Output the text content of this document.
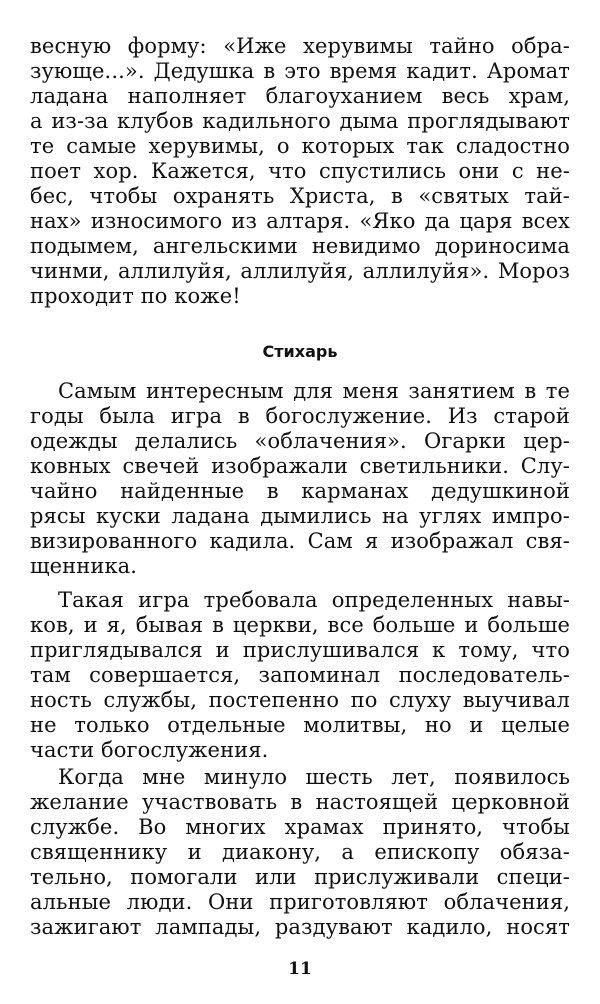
весную форму: «Иже херувимы тайно обра-
зующе...». Дедушка в это время кадит. Аромат
ладана наполняет благоуханием весь храм,
а из-за клубов кадильного дыма проглядывают
те самые херувимы, о которых так сладостно
поет хор. Кажется, что спустились они с не-
бес, чтобы охранять Христа, в «святых тай-
нах» износимого из алтаря. «Яко да царя всех
подымем, ангельскими невидимо дориносима
чинми, аллилуйя, аллилуйя, аллилуйя». Мороз
проходит по коже!
Стихарь
Самым интересным для меня занятием в те
годы была игра в богослужение. Из старой
одежды делались «облачения». Огарки цер-
ковных свечей изображали светильники. Слу-
чайно найденные в карманах дедушкиной
рясы куски ладана дымились на углях импро-
визированного кадила. Сам я изображал свя-
щенника.
Такая игра требовала определенных навы-
ков, и я, бывая в церкви, все больше и больше
приглядывался и прислушивался к тому, что
там совершается, запоминал последователь-
ность службы, постепенно по слуху выучивал
не только отдельные молитвы, но и целые
части богослужения.
Когда мне минуло шесть лет, появилось
желание участвовать в настоящей церковной
службе. Во многих храмах принято, чтобы
священнику и диакону, а епископу обяза-
тельно, помогали или прислуживали специ-
альные люди. Они приготовляют облачения,
зажигают лампады, раздувают кадило, носят
11
